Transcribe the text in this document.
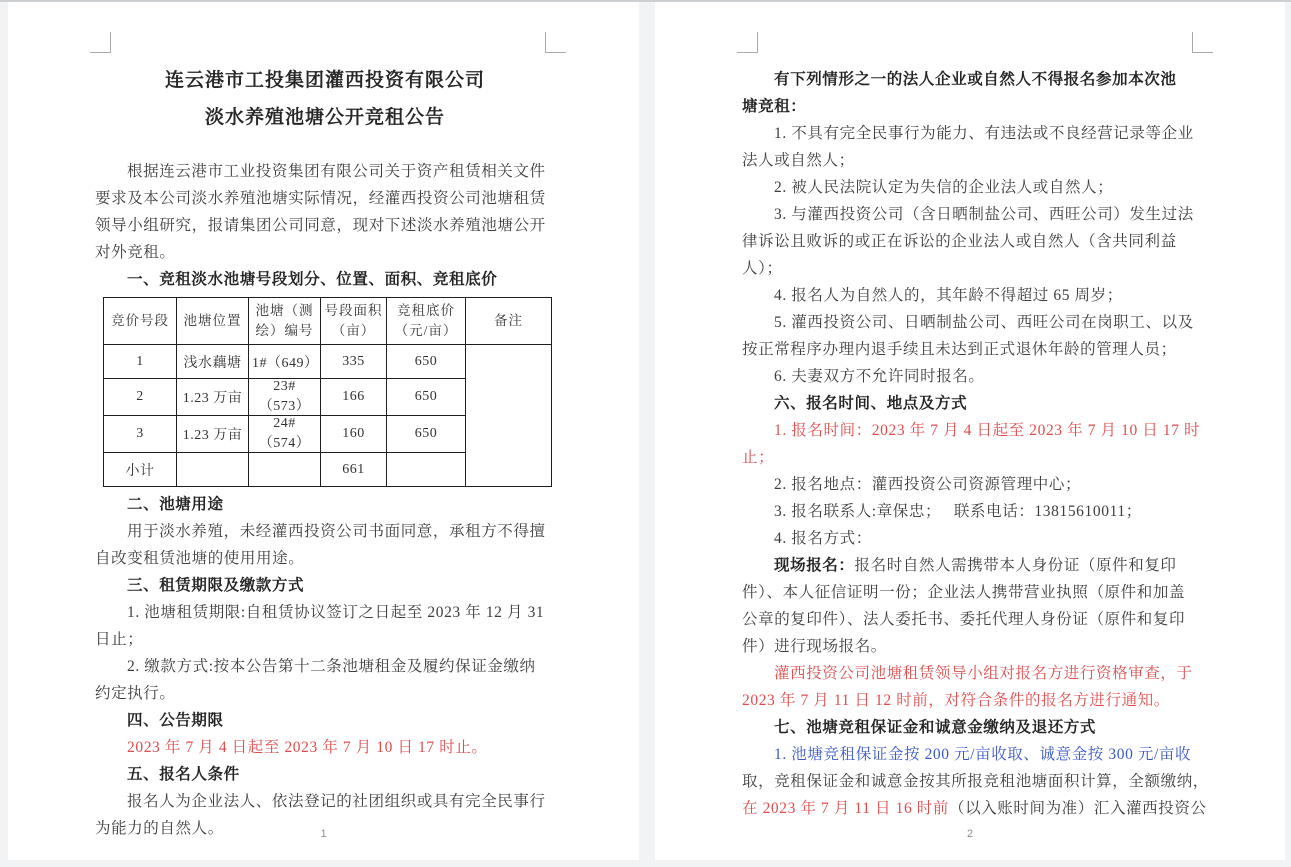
连云港市工投集团灌西投资有限公司
淡水养殖池塘公开竞租公告
根据连云港市工业投资集团有限公司关于资产租赁相关文件
要求及本公司淡水养殖池塘实际情况，经灌西投资公司池塘租赁
领导小组研究，报请集团公司同意，现对下述淡水养殖池塘公开
对外竞租。
一、竞租淡水池塘号段划分、位置、面积、竞租底价
竞价号段	池塘位置	池塘（测绘）编号	号段面积（亩）	竞租底价（元/亩）	备注
1	浅水藕塘	1#（649）	335	650	
2	1.23 万亩	23#（573）	166	650	
3	1.23 万亩	24#（574）	160	650	
小计			661		
二、池塘用途
用于淡水养殖，未经灌西投资公司书面同意，承租方不得擅
自改变租赁池塘的使用用途。
三、租赁期限及缴款方式
1. 池塘租赁期限:自租赁协议签订之日起至 2023 年 12 月 31
日止；
2. 缴款方式:按本公告第十二条池塘租金及履约保证金缴纳
约定执行。
四、公告期限
2023 年 7 月 4 日起至 2023 年 7 月 10 日 17 时止。
五、报名人条件
报名人为企业法人、依法登记的社团组织或具有完全民事行
为能力的自然人。	1
有下列情形之一的法人企业或自然人不得报名参加本次池
塘竞租：
1. 不具有完全民事行为能力、有违法或不良经营记录等企业
法人或自然人；
2. 被人民法院认定为失信的企业法人或自然人；
3. 与灌西投资公司（含日晒制盐公司、西旺公司）发生过法
律诉讼且败诉的或正在诉讼的企业法人或自然人（含共同利益
人）；
4. 报名人为自然人的，其年龄不得超过 65 周岁；
5. 灌西投资公司、日晒制盐公司、西旺公司在岗职工、以及
按正常程序办理内退手续且未达到正式退休年龄的管理人员；
6. 夫妻双方不允许同时报名。
六、报名时间、地点及方式
1. 报名时间：2023 年 7 月 4 日起至 2023 年 7 月 10 日 17 时
止；
2. 报名地点：灌西投资公司资源管理中心；
3. 报名联系人:章保忠；　 联系电话：13815610011；
4. 报名方式：
现场报名：报名时自然人需携带本人身份证（原件和复印
件）、本人征信证明一份；企业法人携带营业执照（原件和加盖
公章的复印件）、法人委托书、委托代理人身份证（原件和复印
件）进行现场报名。
灌西投资公司池塘租赁领导小组对报名方进行资格审查，于
2023 年 7 月 11 日 12 时前，对符合条件的报名方进行通知。
七、池塘竞租保证金和诚意金缴纳及退还方式
1. 池塘竞租保证金按 200 元/亩收取、诚意金按 300 元/亩收
取，竞租保证金和诚意金按其所报竞租池塘面积计算，全额缴纳，
在 2023 年 7 月 11 日 16 时前（以入账时间为准）汇入灌西投资公
2
